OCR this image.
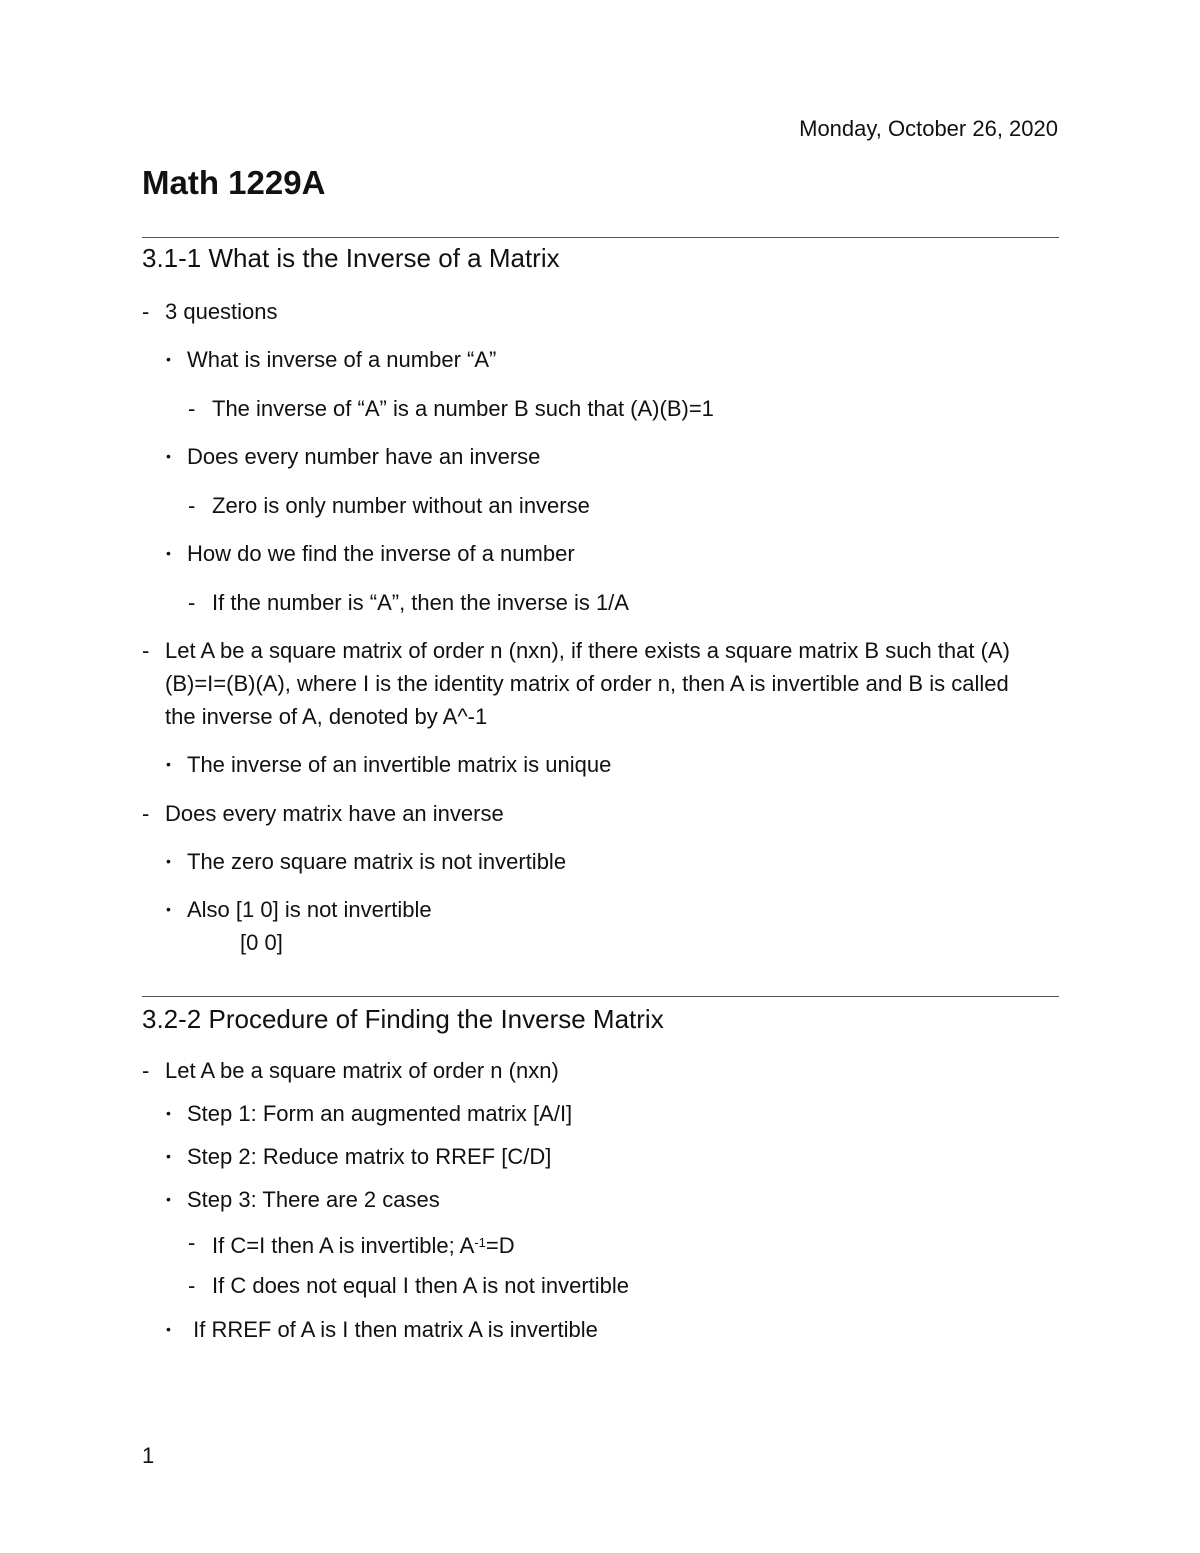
Monday, October 26, 2020
Math 1229A
3.1-1 What is the Inverse of a Matrix
- 3 questions
• What is inverse of a number “A”
- The inverse of “A” is a number B such that (A)(B)=1
• Does every number have an inverse
- Zero is only number without an inverse
• How do we find the inverse of a number
- If the number is “A”, then the inverse is 1/A
- Let A be a square matrix of order n (nxn), if there exists a square matrix B such that (A)(B)=I=(B)(A), where I is the identity matrix of order n, then A is invertible and B is called the inverse of A, denoted by A^-1
• The inverse of an invertible matrix is unique
- Does every matrix have an inverse
• The zero square matrix is not invertible
• Also [1 0] is not invertible
[0 0]
3.2-2 Procedure of Finding the Inverse Matrix
- Let A be a square matrix of order n (nxn)
• Step 1: Form an augmented matrix [A/I]
• Step 2: Reduce matrix to RREF [C/D]
• Step 3: There are 2 cases
- If C=I then A is invertible; $A^{-1}=D$
- If C does not equal I then A is not invertible
• If RREF of A is I then matrix A is invertible
1
